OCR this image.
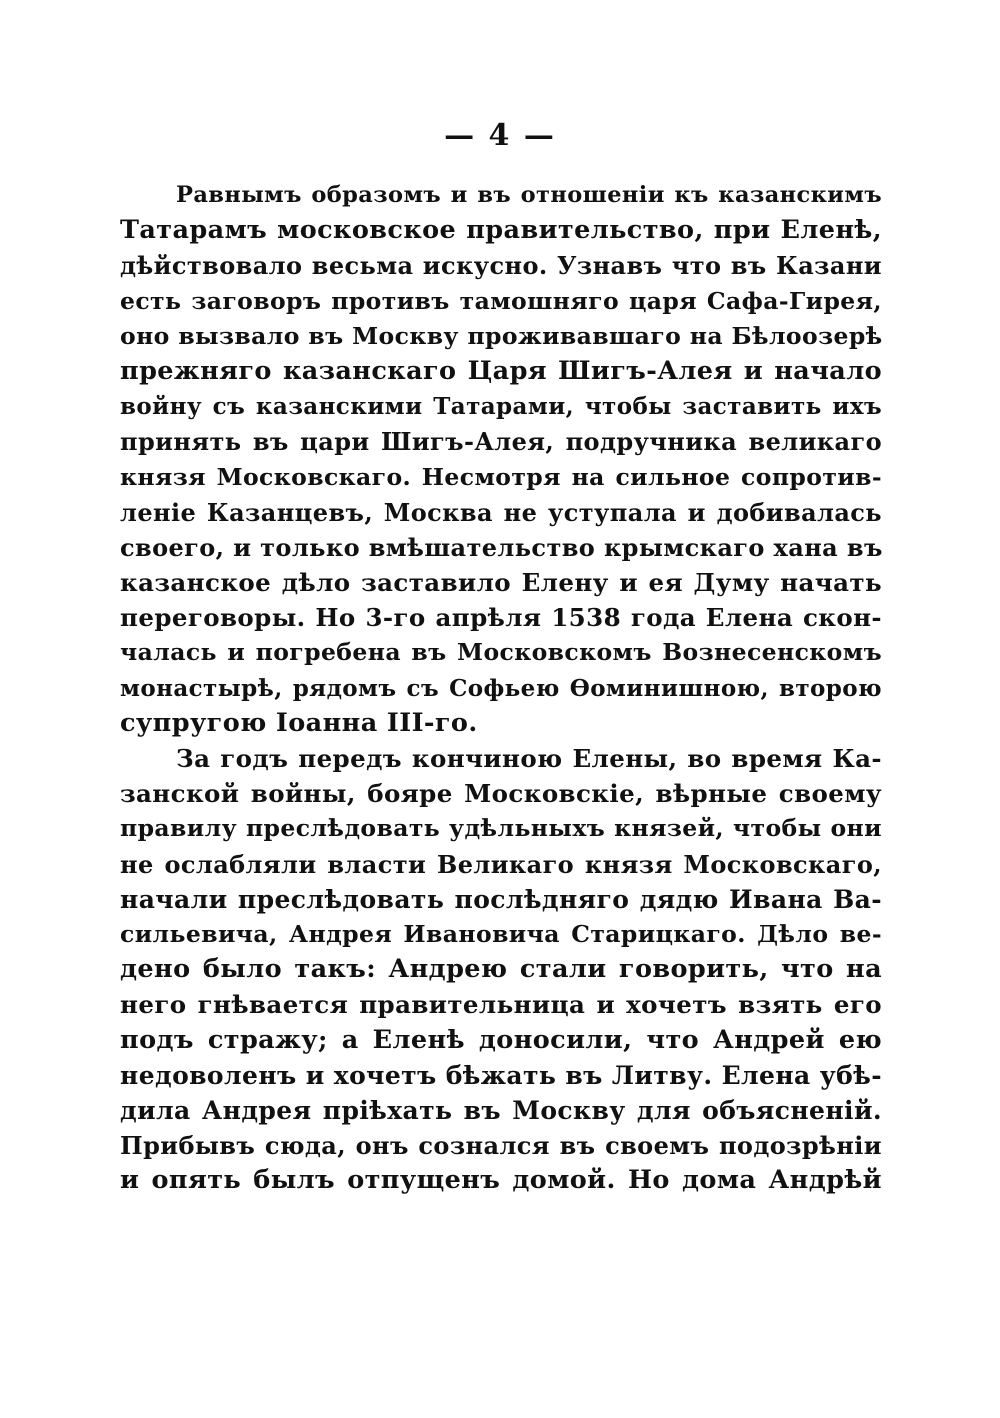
— 4 —
Равнымъ образомъ и въ отношеніи къ казанскимъ
Татарамъ московское правительство, при Еленѣ,
дѣйствовало весьма искусно. Узнавъ что въ Казани
есть заговоръ противъ тамошняго царя Сафа-Гирея,
оно вызвало въ Москву проживавшаго на Бѣлоозерѣ
прежняго казанскаго Царя Шигъ-Алея и начало
войну съ казанскими Татарами, чтобы заставить ихъ
принять въ цари Шигъ-Алея, подручника великаго
князя Московскаго. Несмотря на сильное сопротив-
леніе Казанцевъ, Москва не уступала и добивалась
своего, и только вмѣшательство крымскаго хана въ
казанское дѣло заставило Елену и ея Думу начать
переговоры. Но 3-го апрѣля 1538 года Елена скон-
чалась и погребена въ Московскомъ Вознесенскомъ
монастырѣ, рядомъ съ Софьею Ѳоминишною, второю
супругою Іоанна III-го.
За годъ передъ кончиною Елены, во время Ка-
занской войны, бояре Московскіе, вѣрные своему
правилу преслѣдовать удѣльныхъ князей, чтобы они
не ослабляли власти Великаго князя Московскаго,
начали преслѣдовать послѣдняго дядю Ивана Ва-
сильевича, Андрея Ивановича Старицкаго. Дѣло ве-
дено было такъ: Андрею стали говорить, что на
него гнѣвается правительница и хочетъ взять его
подъ стражу; а Еленѣ доносили, что Андрей ею
недоволенъ и хочетъ бѣжать въ Литву. Елена убѣ-
дила Андрея пріѣхать въ Москву для объясненій.
Прибывъ сюда, онъ сознался въ своемъ подозрѣніи
и опять былъ отпущенъ домой. Но дома Андрѣй
